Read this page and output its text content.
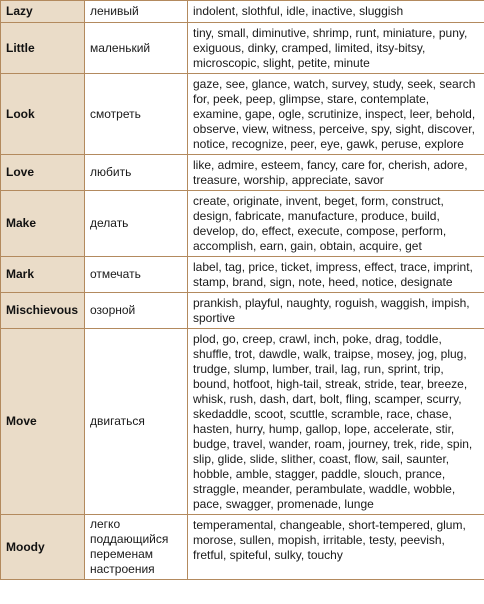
Lazy	ленивый	indolent, slothful, idle, inactive, sluggish
Little	маленький	tiny, small, diminutive, shrimp, runt, miniature, puny, exiguous, dinky, cramped, limited, itsy-bitsy, microscopic, slight, petite, minute
Look	смотреть	gaze, see, glance, watch, survey, study, seek, search for, peek, peep, glimpse, stare, contemplate, examine, gape, ogle, scrutinize, inspect, leer, behold, observe, view, witness, perceive, spy, sight, discover, notice, recognize, peer, eye, gawk, peruse, explore
Love	любить	like, admire, esteem, fancy, care for, cherish, adore, treasure, worship, appreciate, savor
Make	делать	create, originate, invent, beget, form, construct, design, fabricate, manufacture, produce, build, develop, do, effect, execute, compose, perform, accomplish, earn, gain, obtain, acquire, get
Mark	отмечать	label, tag, price, ticket, impress, effect, trace, imprint, stamp, brand, sign, note, heed, notice, designate
Mischievous	озорной	prankish, playful, naughty, roguish, waggish, impish, sportive
Move	двигаться	plod, go, creep, crawl, inch, poke, drag, toddle, shuffle, trot, dawdle, walk, traipse, mosey, jog, plug, trudge, slump, lumber, trail, lag, run, sprint, trip, bound, hotfoot, high-tail, streak, stride, tear, breeze, whisk, rush, dash, dart, bolt, fling, scamper, scurry, skedaddle, scoot, scuttle, scramble, race, chase, hasten, hurry, hump, gallop, lope, accelerate, stir, budge, travel, wander, roam, journey, trek, ride, spin, slip, glide, slide, slither, coast, flow, sail, saunter, hobble, amble, stagger, paddle, slouch, prance, straggle, meander, perambulate, waddle, wobble, pace, swagger, promenade, lunge
Moody	легко поддающийся переменам настроения	temperamental, changeable, short-tempered, glum, morose, sullen, mopish, irritable, testy, peevish, fretful, spiteful, sulky, touchy
